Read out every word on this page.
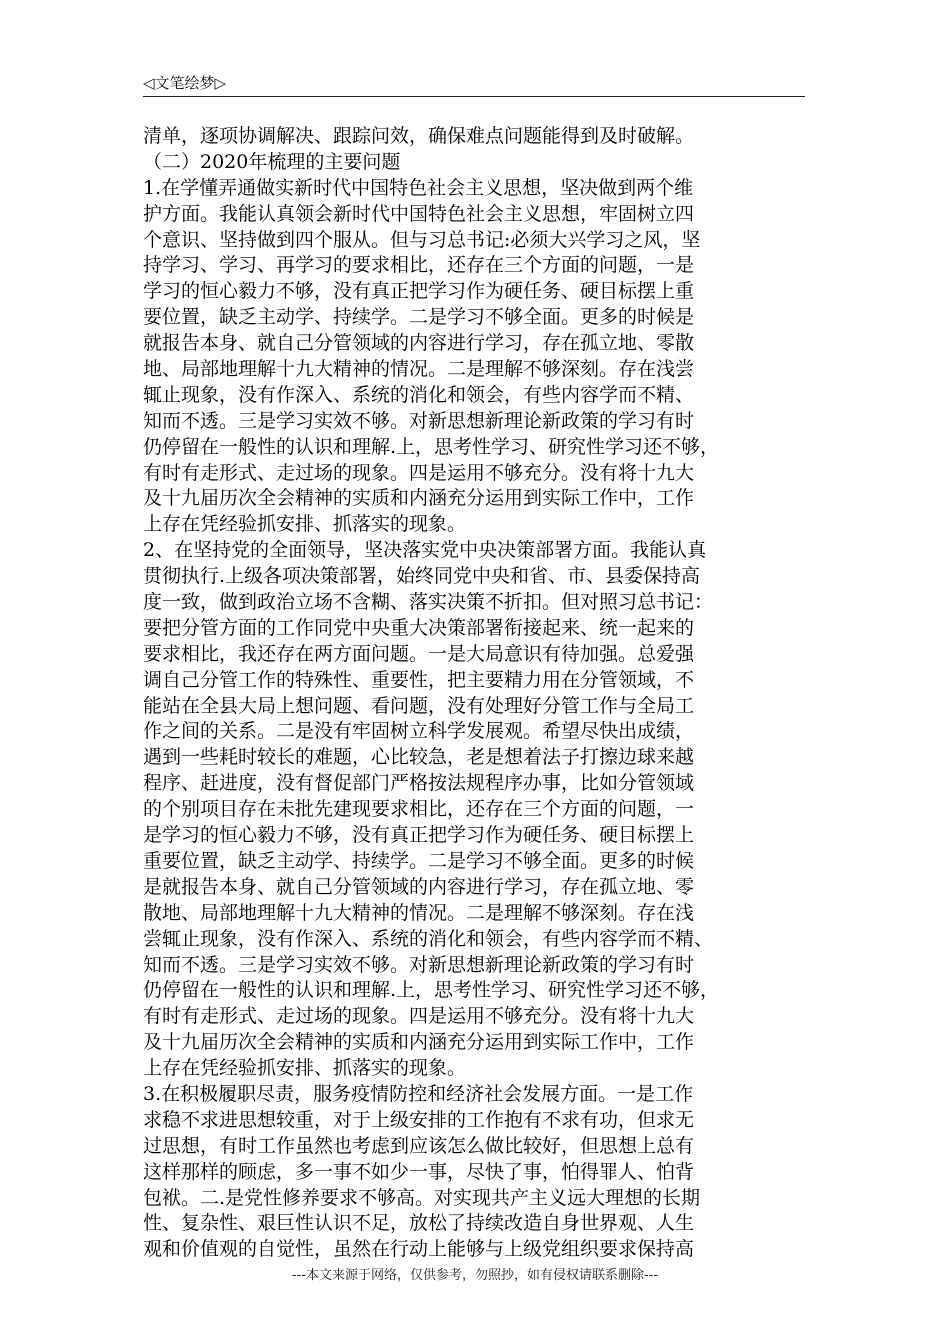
◁文笔绘梦▷
清单，逐项协调解决、跟踪问效，确保难点问题能得到及时破解。
（二）2020年梳理的主要问题
1.在学懂弄通做实新时代中国特色社会主义思想，坚决做到两个维
护方面。我能认真领会新时代中国特色社会主义思想，牢固树立四
个意识、坚持做到四个服从。但与习总书记:必须大兴学习之风，坚
持学习、学习、再学习的要求相比，还存在三个方面的问题，一是
学习的恒心毅力不够，没有真正把学习作为硬任务、硬目标摆上重
要位置，缺乏主动学、持续学。二是学习不够全面。更多的时候是
就报告本身、就自己分管领域的内容进行学习，存在孤立地、零散
地、局部地理解十九大精神的情况。二是理解不够深刻。存在浅尝
辄止现象，没有作深入、系统的消化和领会，有些内容学而不精、
知而不透。三是学习实效不够。对新思想新理论新政策的学习有时
仍停留在一般性的认识和理解.上，思考性学习、研究性学习还不够，
有时有走形式、走过场的现象。四是运用不够充分。没有将十九大
及十九届历次全会精神的实质和内涵充分运用到实际工作中，工作
上存在凭经验抓安排、抓落实的现象。
2、在坚持党的全面领导，坚决落实党中央决策部署方面。我能认真
贯彻执行.上级各项决策部署，始终同党中央和省、市、县委保持高
度一致，做到政治立场不含糊、落实决策不折扣。但对照习总书记：
要把分管方面的工作同党中央重大决策部署衔接起来、统一起来的
要求相比，我还存在两方面问题。一是大局意识有待加强。总爱强
调自己分管工作的特殊性、重要性，把主要精力用在分管领域，不
能站在全县大局上想问题、看问题，没有处理好分管工作与全局工
作之间的关系。二是没有牢固树立科学发展观。希望尽快出成绩，
遇到一些耗时较长的难题，心比较急，老是想着法子打擦边球来越
程序、赶进度，没有督促部门严格按法规程序办事，比如分管领域
的个别项目存在未批先建现要求相比，还存在三个方面的问题，一
是学习的恒心毅力不够，没有真正把学习作为硬任务、硬目标摆上
重要位置，缺乏主动学、持续学。二是学习不够全面。更多的时候
是就报告本身、就自己分管领域的内容进行学习，存在孤立地、零
散地、局部地理解十九大精神的情况。二是理解不够深刻。存在浅
尝辄止现象，没有作深入、系统的消化和领会，有些内容学而不精、
知而不透。三是学习实效不够。对新思想新理论新政策的学习有时
仍停留在一般性的认识和理解.上，思考性学习、研究性学习还不够，
有时有走形式、走过场的现象。四是运用不够充分。没有将十九大
及十九届历次全会精神的实质和内涵充分运用到实际工作中，工作
上存在凭经验抓安排、抓落实的现象。
3.在积极履职尽责，服务疫情防控和经济社会发展方面。一是工作
求稳不求进思想较重，对于上级安排的工作抱有不求有功，但求无
过思想，有时工作虽然也考虑到应该怎么做比较好，但思想上总有
这样那样的顾虑，多一事不如少一事，尽快了事，怕得罪人、怕背
包袱。二.是党性修养要求不够高。对实现共产主义远大理想的长期
性、复杂性、艰巨性认识不足，放松了持续改造自身世界观、人生
观和价值观的自觉性，虽然在行动上能够与上级党组织要求保持高
---本文来源于网络，仅供参考，勿照抄，如有侵权请联系删除---
